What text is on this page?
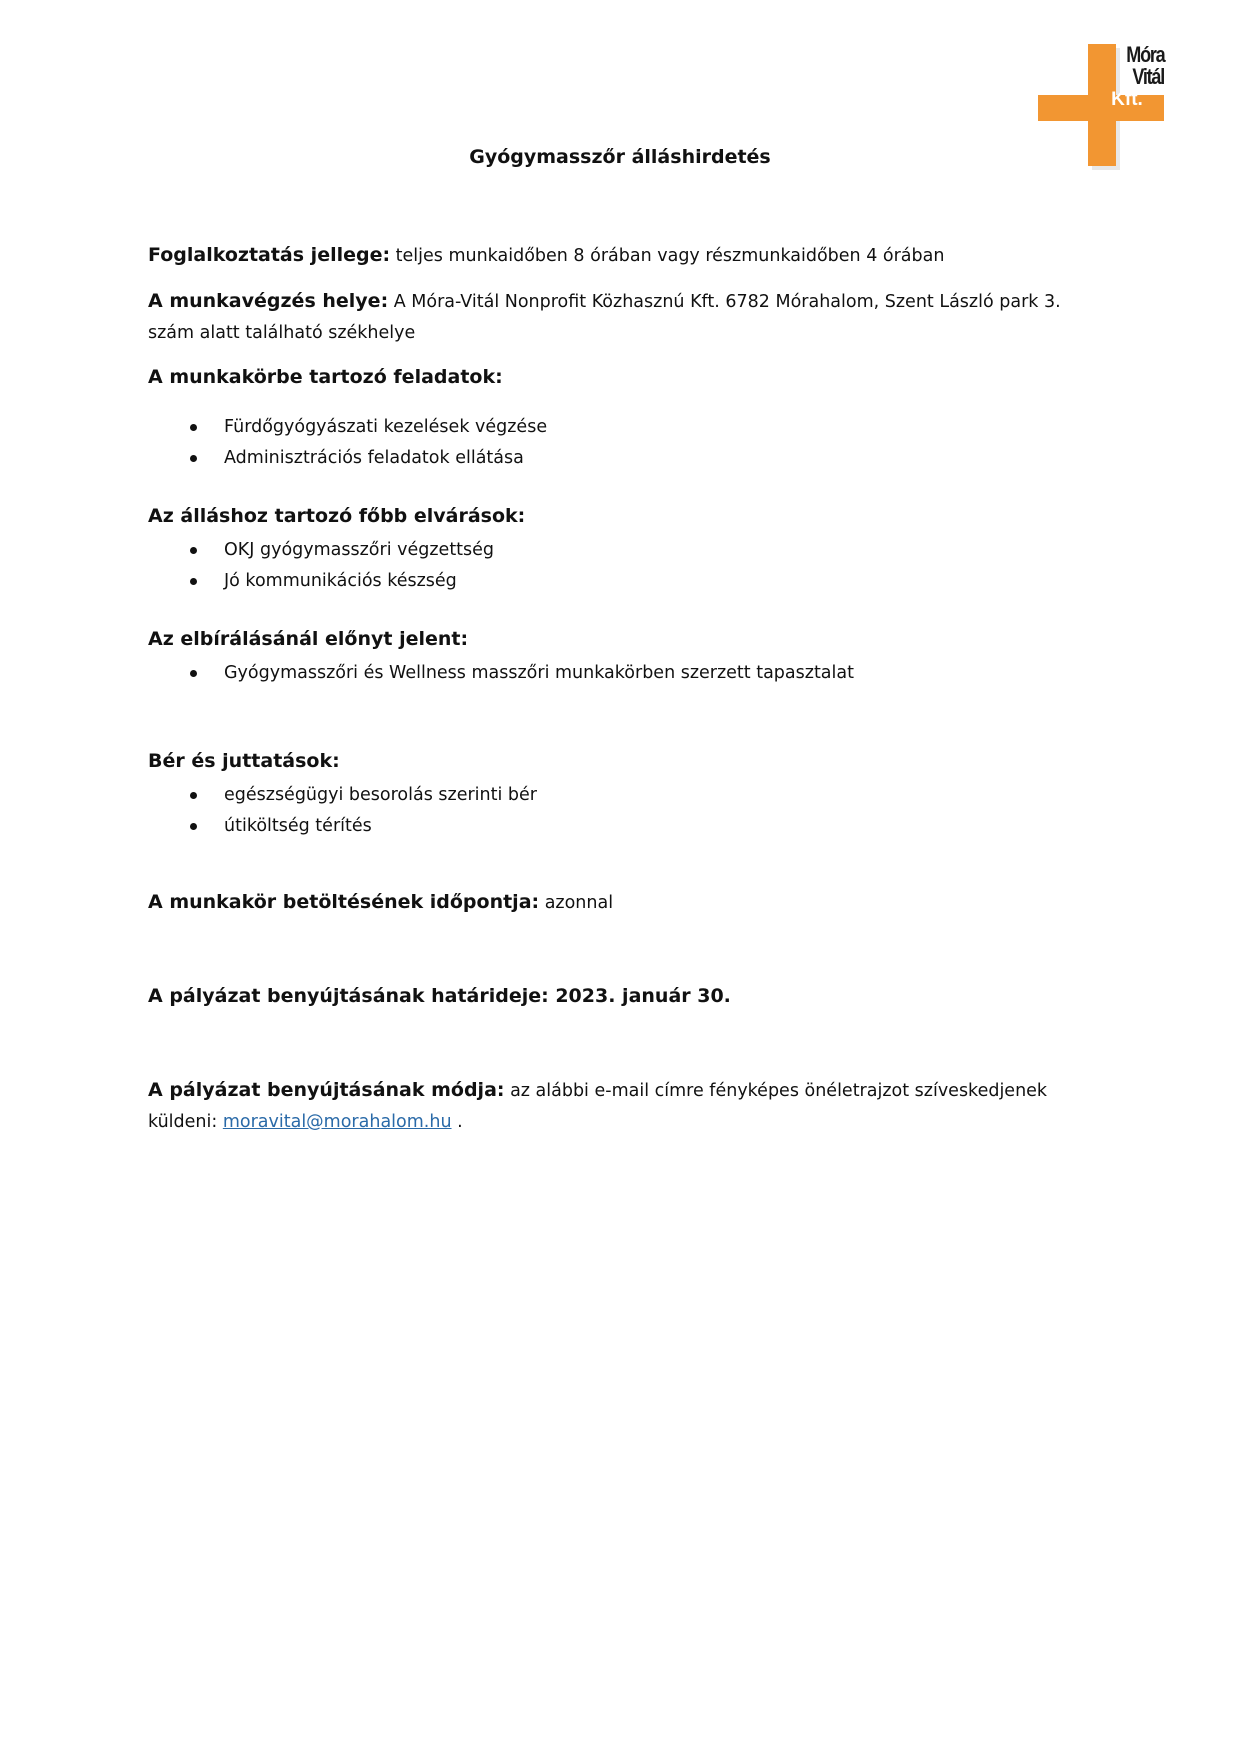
Móra
Vitál
Kft.
Gyógymasszőr álláshirdetés
Foglalkoztatás jellege: teljes munkaidőben 8 órában vagy részmunkaidőben 4 órában
A munkavégzés helye: A Móra-Vitál Nonprofit Közhasznú Kft. 6782 Mórahalom, Szent László park 3. szám alatt található székhelye
A munkakörbe tartozó feladatok:
Fürdőgyógyászati kezelések végzése
Adminisztrációs feladatok ellátása
Az álláshoz tartozó főbb elvárások:
OKJ gyógymasszőri végzettség
Jó kommunikációs készség
Az elbírálásánál előnyt jelent:
Gyógymasszőri és Wellness masszőri munkakörben szerzett tapasztalat
Bér és juttatások:
egészségügyi besorolás szerinti bér
útiköltség térítés
A munkakör betöltésének időpontja: azonnal
A pályázat benyújtásának határideje: 2023. január 30.
A pályázat benyújtásának módja: az alábbi e-mail címre fényképes önéletrajzot szíveskedjenek küldeni: moravital@morahalom.hu .
